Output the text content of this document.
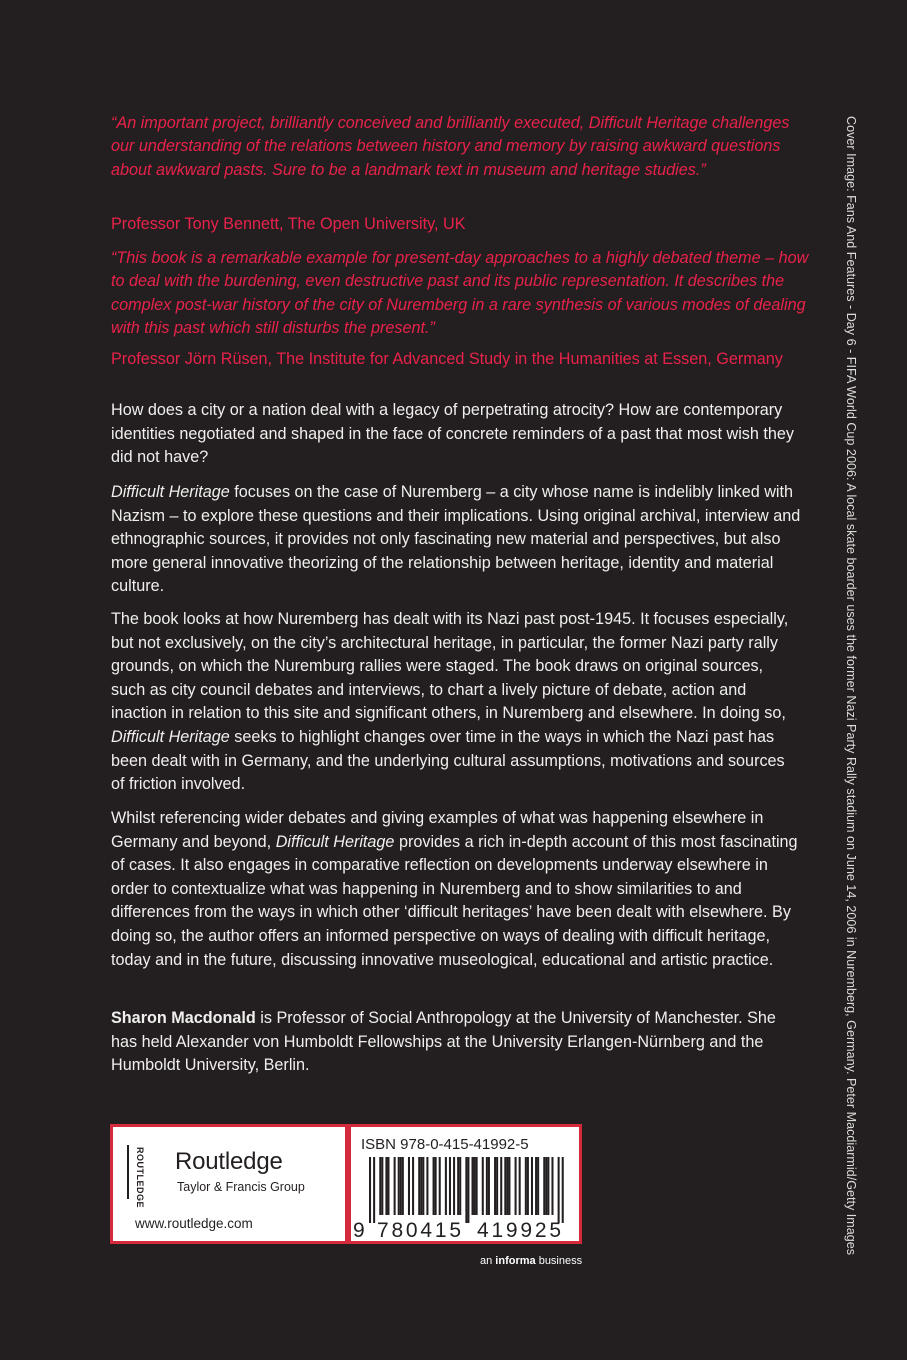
“An important project, brilliantly conceived and brilliantly executed, Difficult Heritage challenges our understanding of the relations between history and memory by raising awkward questions about awkward pasts. Sure to be a landmark text in museum and heritage studies.”

Professor Tony Bennett, The Open University, UK

“This book is a remarkable example for present-day approaches to a highly debated theme – how to deal with the burdening, even destructive past and its public representation. It describes the complex post-war history of the city of Nuremberg in a rare synthesis of various modes of dealing with this past which still disturbs the present.”

Professor Jörn Rüsen, The Institute for Advanced Study in the Humanities at Essen, Germany

How does a city or a nation deal with a legacy of perpetrating atrocity? How are contemporary identities negotiated and shaped in the face of concrete reminders of a past that most wish they did not have?

Difficult Heritage focuses on the case of Nuremberg – a city whose name is indelibly linked with Nazism – to explore these questions and their implications. Using original archival, interview and ethnographic sources, it provides not only fascinating new material and perspectives, but also more general innovative theorizing of the relationship between heritage, identity and material culture.

The book looks at how Nuremberg has dealt with its Nazi past post-1945. It focuses especially, but not exclusively, on the city’s architectural heritage, in particular, the former Nazi party rally grounds, on which the Nuremburg rallies were staged. The book draws on original sources, such as city council debates and interviews, to chart a lively picture of debate, action and inaction in relation to this site and significant others, in Nuremberg and elsewhere. In doing so, Difficult Heritage seeks to highlight changes over time in the ways in which the Nazi past has been dealt with in Germany, and the underlying cultural assumptions, motivations and sources of friction involved.

Whilst referencing wider debates and giving examples of what was happening elsewhere in Germany and beyond, Difficult Heritage provides a rich in-depth account of this most fascinating of cases. It also engages in comparative reflection on developments underway elsewhere in order to contextualize what was happening in Nuremberg and to show similarities to and differences from the ways in which other ‘difficult heritages’ have been dealt with elsewhere. By doing so, the author offers an informed perspective on ways of dealing with difficult heritage, today and in the future, discussing innovative museological, educational and artistic practice.

Sharon Macdonald is Professor of Social Anthropology at the University of Manchester. She has held Alexander von Humboldt Fellowships at the University Erlangen-Nürnberg and the Humboldt University, Berlin.	Cover Image: Fans And Features - Day 6 - FIFA World Cup 2006: A local skate boarder uses the former Nazi Party Rally stadium on June 14, 2006 in Nuremberg, Germany. Peter Macdiarmid/Getty Images
ROUTLEDGE Routledge

Taylor & Francis Group

www.routledge.com

ISBN 978-0-415-41992-5

9 780415 419925

an informa business
